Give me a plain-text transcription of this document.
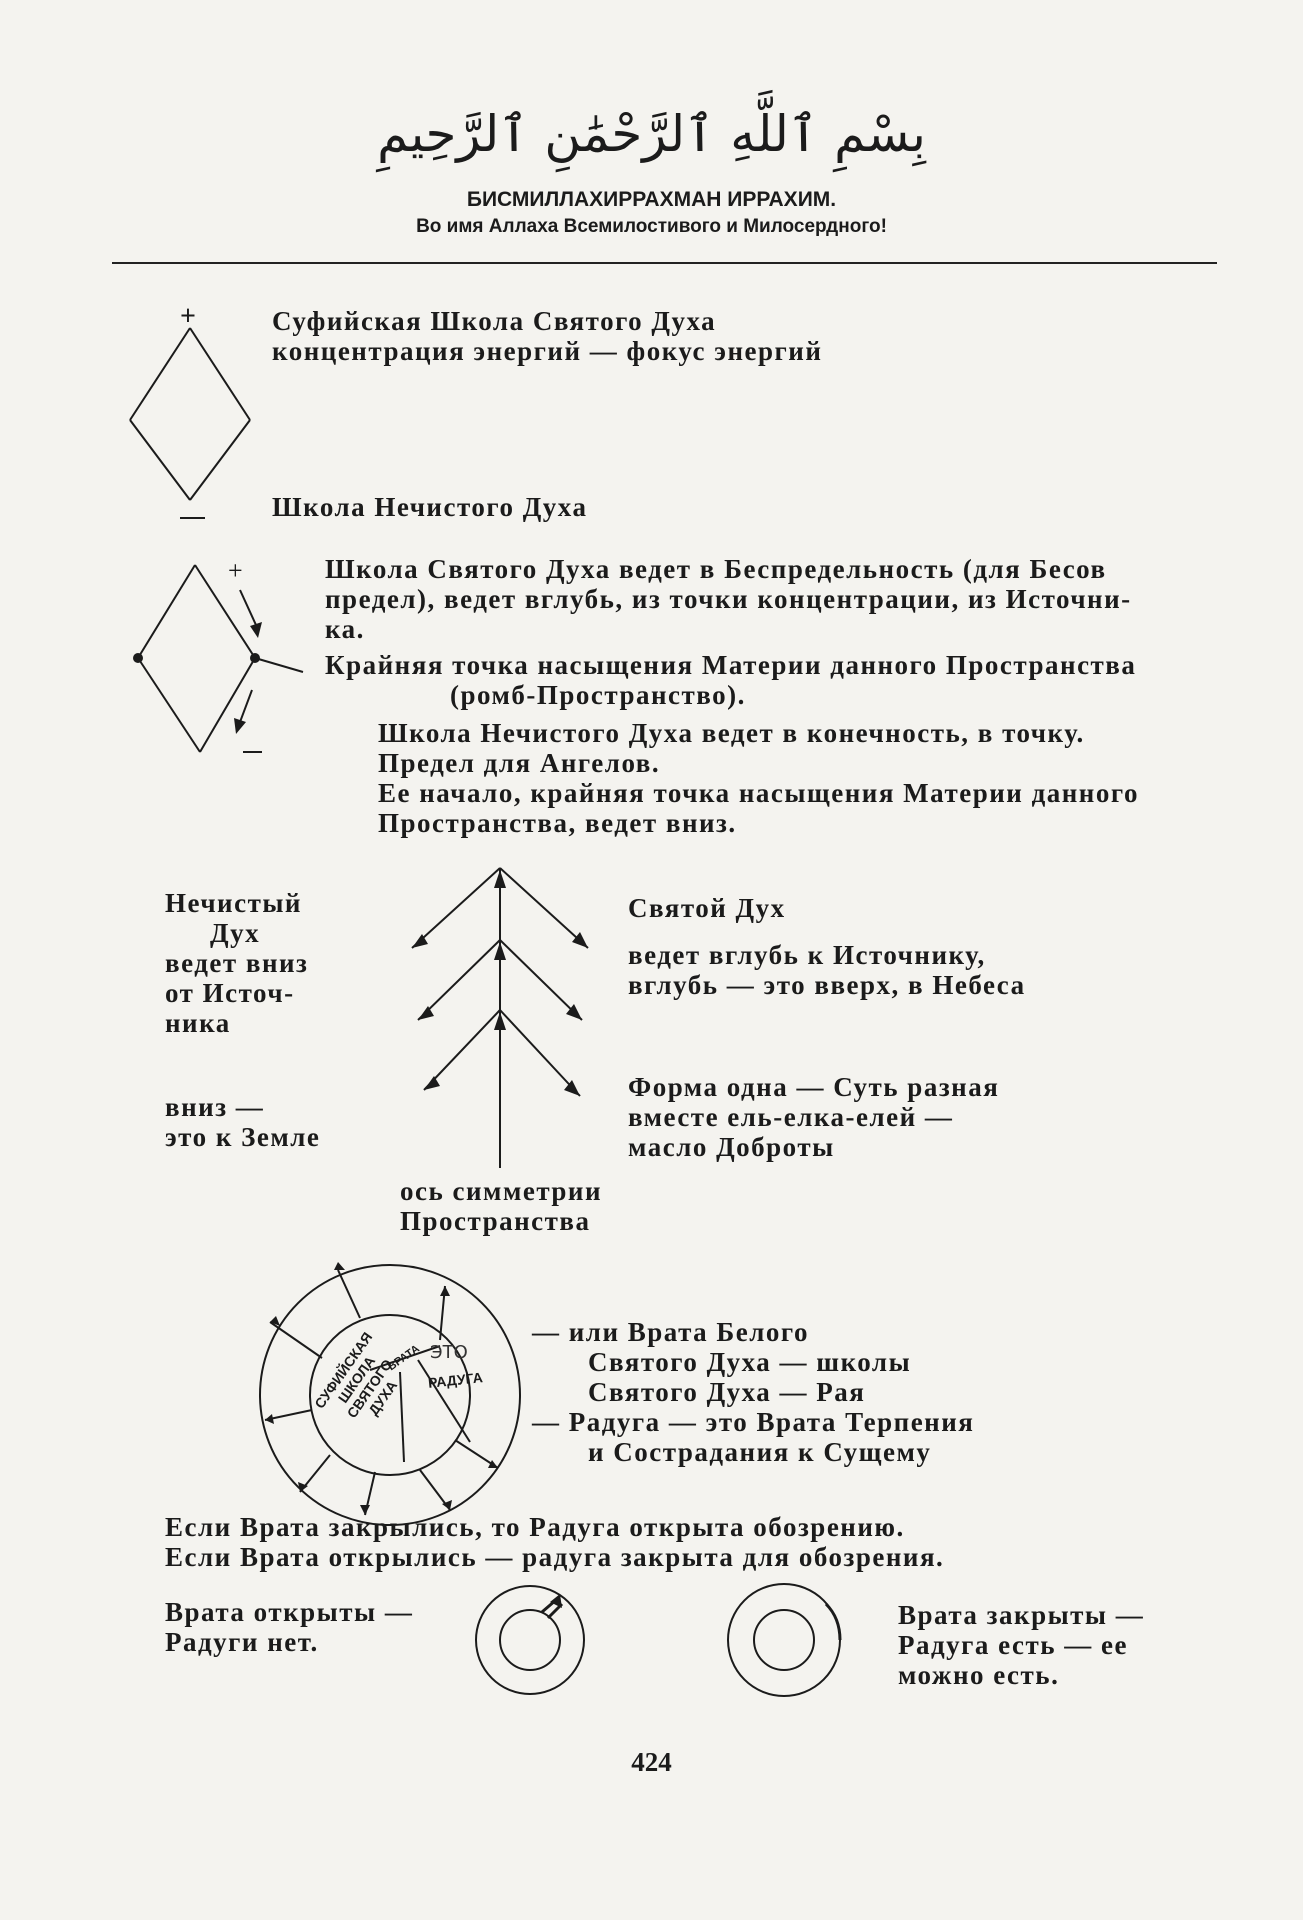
بِسْمِ ٱللَّهِ ٱلرَّحْمَٰنِ ٱلرَّحِيمِ
БИСМИЛЛАХИРРАХМАН ИРРАХИМ.
Во имя Аллаха Всемилостивого и Милосердного!
+	Суфийская Школа Святого Духа
концентрация энергий — фокус энергий
Школа Нечистого Духа
+	Школа Святого Духа ведет в Беспредельность (для Бесов
предел), ведет вглубь, из точки концентрации, из Источни-
ка.
Крайняя точка насыщения Материи данного Пространства
(ромб-Пространство).
Школа Нечистого Духа ведет в конечность, в точку.
Предел для Ангелов.
Ее начало, крайняя точка насыщения Материи данного
Пространства, ведет вниз.
Нечистый
Дух
ведет вниз
от Источ-
ника
вниз —
это к Земле
Святой Дух
ведет вглубь к Источнику,
вглубь — это вверх, в Небеса
Форма одна — Суть разная
вместе ель-елка-елей —
масло Доброты
ось симметрии
Пространства
СУФИЙСКАЯ ШКОЛА СВЯТОГО ДУХА
ВРАТА ЭТО
РАДУГА
— или Врата Белого
Святого Духа — школы
Святого Духа — Рая
— Радуга — это Врата Терпения
и Сострадания к Сущему
Если Врата закрылись, то Радуга открыта обозрению.
Если Врата открылись — радуга закрыта для обозрения.
Врата открыты —
Радуги нет.
Врата закрыты —
Радуга есть — ее
можно есть.
424
